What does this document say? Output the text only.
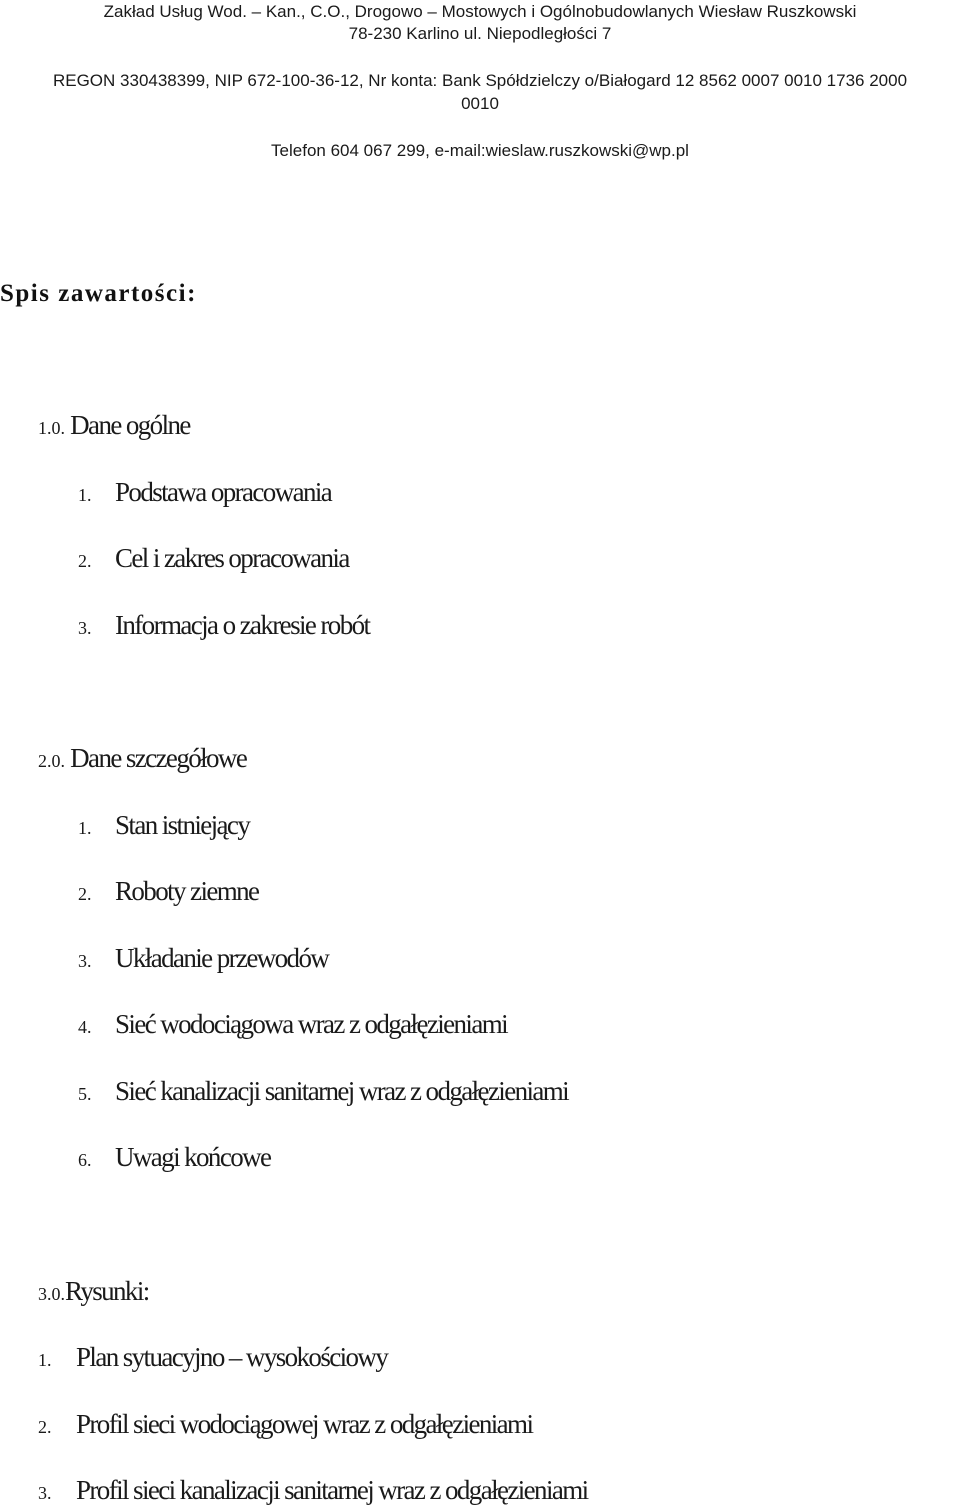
Zakład Usług Wod. – Kan., C.O., Drogowo – Mostowych i Ogólnobudowlanych Wiesław Ruszkowski
78-230 Karlino ul. Niepodległości 7
REGON 330438399, NIP 672-100-36-12, Nr konta: Bank Spółdzielczy o/Białogard 12 8562 0007 0010 1736 2000
0010
Telefon 604 067 299, e-mail:wieslaw.ruszkowski@wp.pl
Spis zawartości:
1.0. Dane ogólne
1. Podstawa opracowania
2. Cel i zakres opracowania
3. Informacja o zakresie robót
2.0. Dane szczegółowe
1. Stan istniejący
2. Roboty ziemne
3. Układanie przewodów
4. Sieć wodociągowa wraz z odgałęzieniami
5. Sieć kanalizacji sanitarnej wraz z odgałęzieniami
6. Uwagi końcowe
3.0.Rysunki:
1. Plan sytuacyjno – wysokościowy
2. Profil sieci wodociągowej wraz z odgałęzieniami
3. Profil sieci kanalizacji sanitarnej wraz z odgałęzieniami
